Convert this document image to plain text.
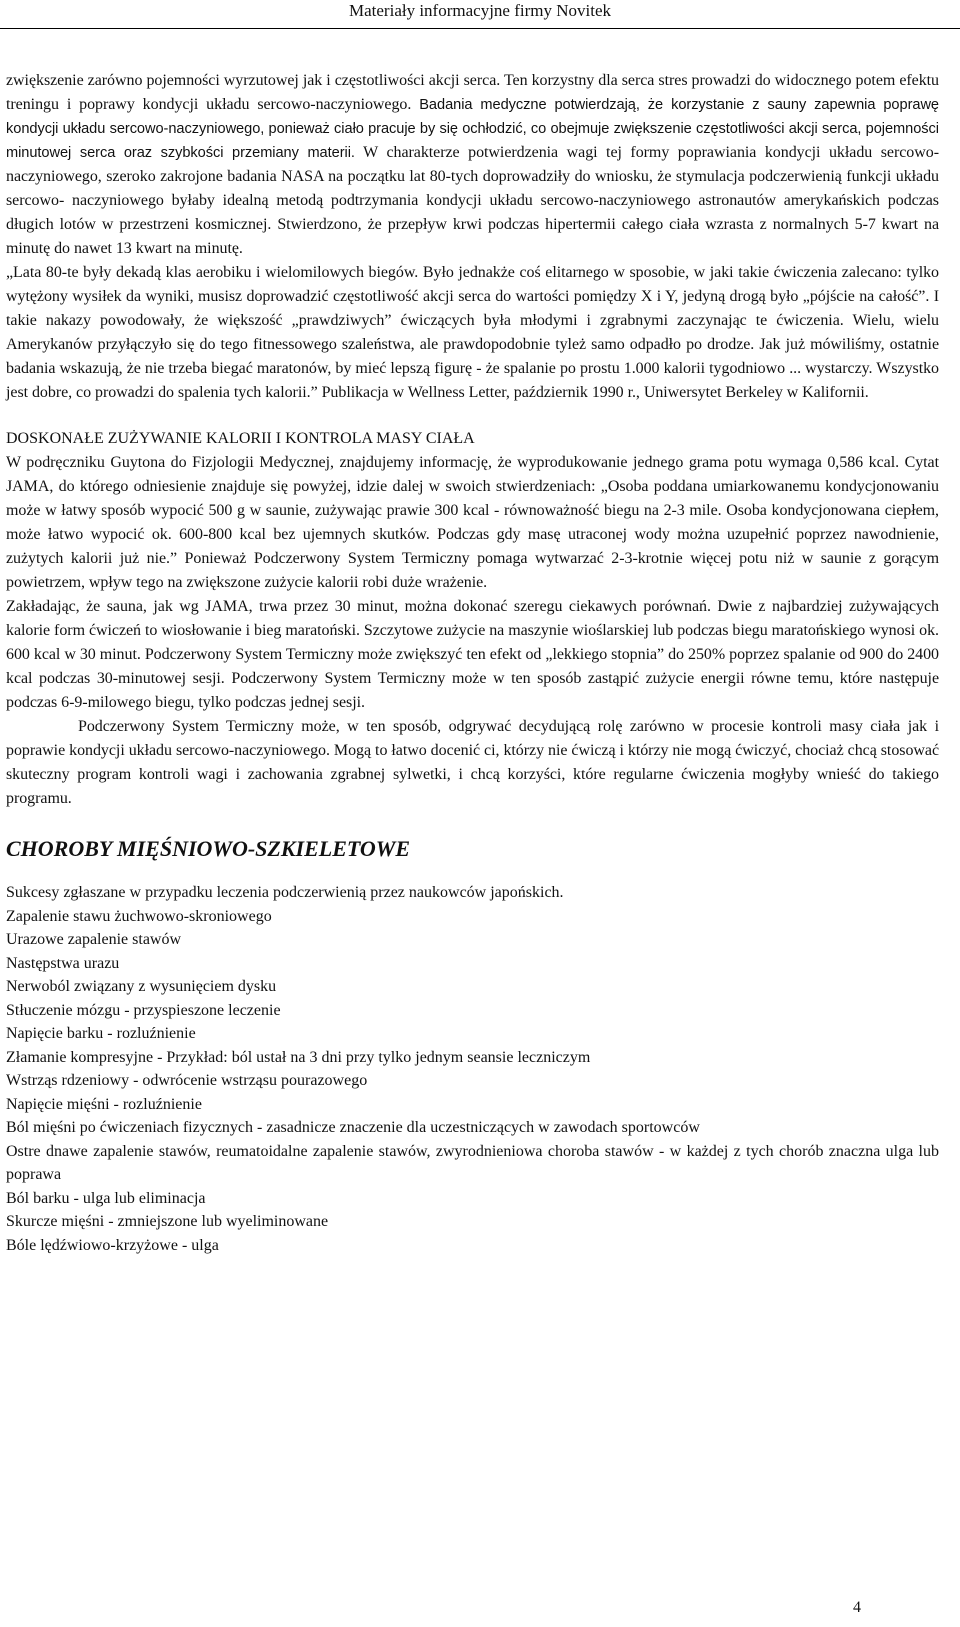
Materiały informacyjne firmy Novitek

zwiększenie zarówno pojemności wyrzutowej jak i częstotliwości akcji serca. Ten korzystny dla serca stres prowadzi do widocznego potem efektu treningu i poprawy kondycji układu sercowo-naczyniowego. Badania medyczne potwierdzają, że korzystanie z sauny zapewnia poprawę kondycji układu sercowo-naczyniowego, ponieważ ciało pracuje by się ochłodzić, co obejmuje zwiększenie częstotliwości akcji serca, pojemności minutowej serca oraz szybkości przemiany materii. W charakterze potwierdzenia wagi tej formy poprawiania kondycji układu sercowo-naczyniowego, szeroko zakrojone badania NASA na początku lat 80-tych doprowadziły do wniosku, że stymulacja podczerwienią funkcji układu sercowo- naczyniowego byłaby idealną metodą podtrzymania kondycji układu sercowo-naczyniowego astronautów amerykańskich podczas długich lotów w przestrzeni kosmicznej. Stwierdzono, że przepływ krwi podczas hipertermii całego ciała wzrasta z normalnych 5-7 kwart na minutę do nawet 13 kwart na minutę.

„Lata 80-te były dekadą klas aerobiku i wielomilowych biegów. Było jednakże coś elitarnego w sposobie, w jaki takie ćwiczenia zalecano: tylko wytężony wysiłek da wyniki, musisz doprowadzić częstotliwość akcji serca do wartości pomiędzy X i Y, jedyną drogą było „pójście na całość”. I takie nakazy powodowały, że większość „prawdziwych” ćwiczących była młodymi i zgrabnymi zaczynając te ćwiczenia. Wielu, wielu Amerykanów przyłączyło się do tego fitnessowego szaleństwa, ale prawdopodobnie tyleż samo odpadło po drodze. Jak już mówiliśmy, ostatnie badania wskazują, że nie trzeba biegać maratonów, by mieć lepszą figurę - że spalanie po prostu 1.000 kalorii tygodniowo ... wystarczy. Wszystko jest dobre, co prowadzi do spalenia tych kalorii.” Publikacja w Wellness Letter, październik 1990 r., Uniwersytet Berkeley w Kalifornii.

DOSKONAŁE ZUŻYWANIE KALORII I KONTROLA MASY CIAŁA

W podręczniku Guytona do Fizjologii Medycznej, znajdujemy informację, że wyprodukowanie jednego grama potu wymaga 0,586 kcal. Cytat JAMA, do którego odniesienie znajduje się powyżej, idzie dalej w swoich stwierdzeniach: „Osoba poddana umiarkowanemu kondycjonowaniu może w łatwy sposób wypocić 500 g w saunie, zużywając prawie 300 kcal - równoważność biegu na 2-3 mile. Osoba kondycjonowana ciepłem, może łatwo wypocić ok. 600-800 kcal bez ujemnych skutków. Podczas gdy masę utraconej wody można uzupełnić poprzez nawodnienie, zużytych kalorii już nie.” Ponieważ Podczerwony System Termiczny pomaga wytwarzać 2-3-krotnie więcej potu niż w saunie z gorącym powietrzem, wpływ tego na zwiększone zużycie kalorii robi duże wrażenie.

Zakładając, że sauna, jak wg JAMA, trwa przez 30 minut, można dokonać szeregu ciekawych porównań. Dwie z najbardziej zużywających kalorie form ćwiczeń to wiosłowanie i bieg maratoński. Szczytowe zużycie na maszynie wioślarskiej lub podczas biegu maratońskiego wynosi ok. 600 kcal w 30 minut. Podczerwony System Termiczny może zwiększyć ten efekt od „lekkiego stopnia” do 250% poprzez spalanie od 900 do 2400 kcal podczas 30-minutowej sesji. Podczerwony System Termiczny może w ten sposób zastąpić zużycie energii równe temu, które następuje podczas 6-9-milowego biegu, tylko podczas jednej sesji.

Podczerwony System Termiczny może, w ten sposób, odgrywać decydującą rolę zarówno w procesie kontroli masy ciała jak i poprawie kondycji układu sercowo-naczyniowego. Mogą to łatwo docenić ci, którzy nie ćwiczą i którzy nie mogą ćwiczyć, chociaż chcą stosować skuteczny program kontroli wagi i zachowania zgrabnej sylwetki, i chcą korzyści, które regularne ćwiczenia mogłyby wnieść do takiego programu.

CHOROBY MIĘŚNIOWO-SZKIELETOWE
Sukcesy zgłaszane w przypadku leczenia podczerwienią przez naukowców japońskich.
Zapalenie stawu żuchwowo-skroniowego
Urazowe zapalenie stawów
Następstwa urazu
Nerwoból związany z wysunięciem dysku
Stłuczenie mózgu - przyspieszone leczenie
Napięcie barku - rozluźnienie
Złamanie kompresyjne - Przykład: ból ustał na 3 dni przy tylko jednym seansie leczniczym
Wstrząs rdzeniowy - odwrócenie wstrząsu pourazowego
Napięcie mięśni - rozluźnienie
Ból mięśni po ćwiczeniach fizycznych - zasadnicze znaczenie dla uczestniczących w zawodach sportowców
Ostre dnawe zapalenie stawów, reumatoidalne zapalenie stawów, zwyrodnieniowa choroba stawów - w każdej z tych chorób znaczna ulga lub poprawa
Ból barku - ulga lub eliminacja
Skurcze mięśni - zmniejszone lub wyeliminowane
Bóle lędźwiowo-krzyżowe - ulga
4
